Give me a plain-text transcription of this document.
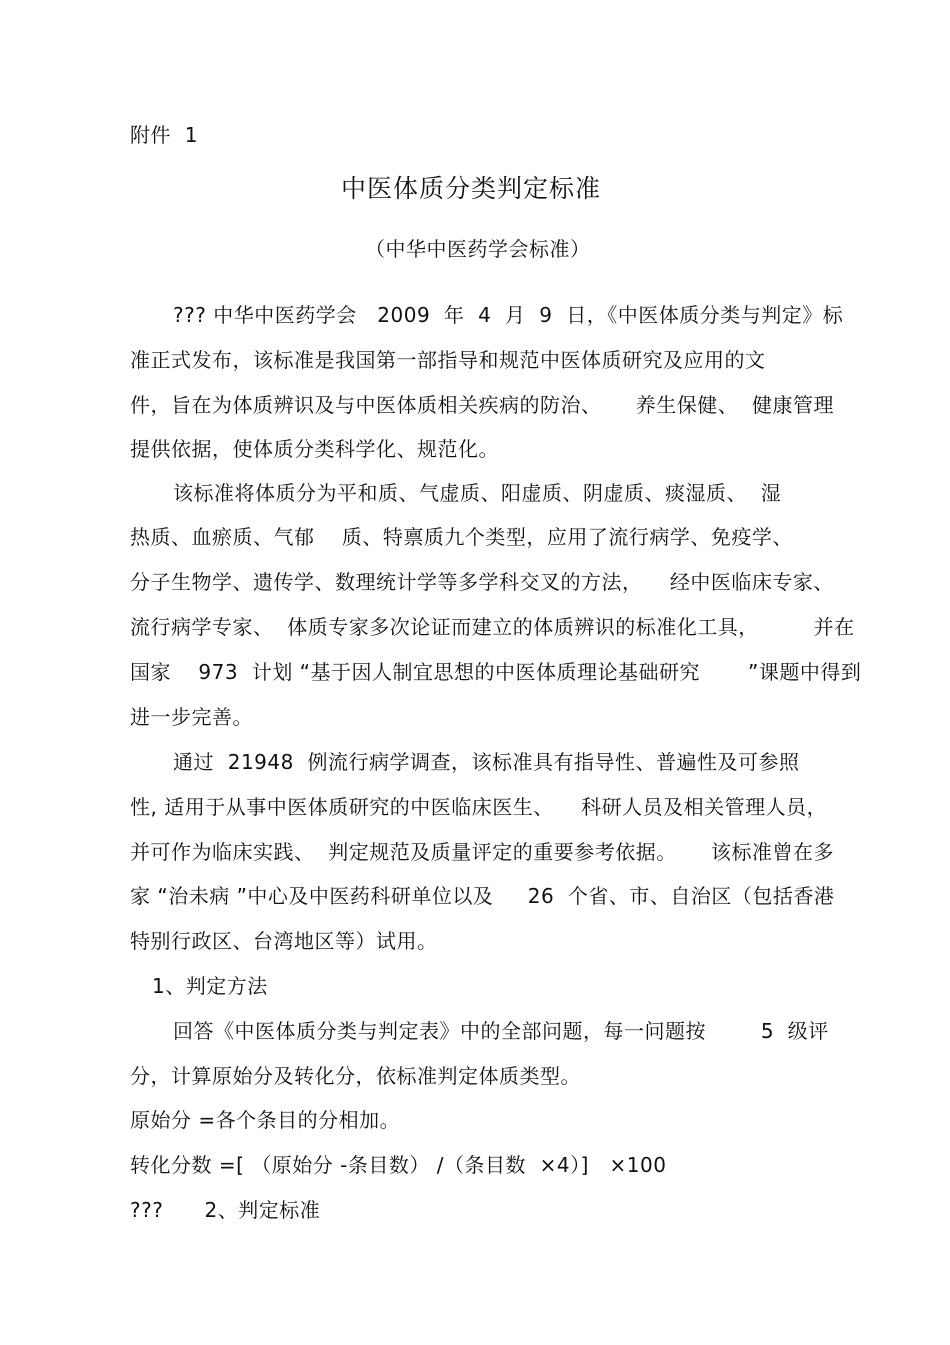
附件  1
中医体质分类判定标准
（中华中医药学会标准）
??? 中华中医药学会   2009  年  4  月  9  日，《中医体质分类与判定》标
准正式发布，该标准是我国第一部指导和规范中医体质研究及应用的文
件，旨在为体质辨识及与中医体质相关疾病的防治、     养生保健、  健康管理
提供依据，使体质分类科学化、规范化。
该标准将体质分为平和质、气虚质、阳虚质、阴虚质、痰湿质、  湿
热质、血瘀质、气郁    质、特禀质九个类型，应用了流行病学、免疫学、
分子生物学、遗传学、数理统计学等多学科交叉的方法，    经中医临床专家、
流行病学专家、  体质专家多次论证而建立的体质辨识的标准化工具，        并在
国家    973  计划 “基于因人制宜思想的中医体质理论基础研究       ”课题中得到
进一步完善。
通过  21948  例流行病学调查，该标准具有指导性、普遍性及可参照
性, 适用于从事中医体质研究的中医临床医生、    科研人员及相关管理人员，
并可作为临床实践、  判定规范及质量评定的重要参考依据。     该标准曾在多
家 “治未病 ”中心及中医药科研单位以及     26  个省、市、自治区（包括香港
特别行政区、台湾地区等）试用。
1、判定方法
回答《中医体质分类与判定表》中的全部问题，每一问题按        5  级评
分，计算原始分及转化分，依标准判定体质类型。
原始分 =各个条目的分相加。
转化分数 =[ （原始分 -条目数） /（条目数  ×4）]   ×100
???      2、判定标准
